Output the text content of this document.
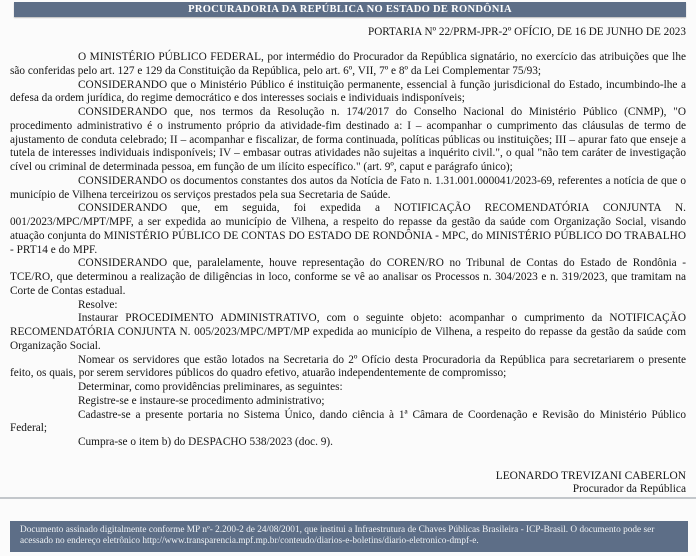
PROCURADORIA DA REPÚBLICA NO ESTADO DE RONDÔNIA
PORTARIA Nº 22/PRM-JPR-2º OFÍCIO, DE 16 DE JUNHO DE 2023

O MINISTÉRIO PÚBLICO FEDERAL, por intermédio do Procurador da República signatário, no exercício das atribuições que lhe são conferidas pelo art. 127 e 129 da Constituição da República, pelo art. 6º, VII, 7º e 8º da Lei Complementar 75/93;

CONSIDERANDO que o Ministério Público é instituição permanente, essencial à função jurisdicional do Estado, incumbindo-lhe a defesa da ordem jurídica, do regime democrático e dos interesses sociais e individuais indisponíveis;

CONSIDERANDO que, nos termos da Resolução n. 174/2017 do Conselho Nacional do Ministério Público (CNMP), "O procedimento administrativo é o instrumento próprio da atividade-fim destinado a: I – acompanhar o cumprimento das cláusulas de termo de ajustamento de conduta celebrado; II – acompanhar e fiscalizar, de forma continuada, políticas públicas ou instituições; III – apurar fato que enseje a tutela de interesses individuais indisponíveis; IV – embasar outras atividades não sujeitas a inquérito civil.", o qual "não tem caráter de investigação cível ou criminal de determinada pessoa, em função de um ilícito específico." (art. 9º, caput e parágrafo único);

CONSIDERANDO os documentos constantes dos autos da Notícia de Fato n. 1.31.001.000041/2023-69, referentes a notícia de que o município de Vilhena terceirizou os serviços prestados pela sua Secretaria de Saúde.

CONSIDERANDO que, em seguida, foi expedida a NOTIFICAÇÃO RECOMENDATÓRIA CONJUNTA N. 001/2023/MPC/MPT/MPF, a ser expedida ao município de Vilhena, a respeito do repasse da gestão da saúde com Organização Social, visando atuação conjunta do MINISTÉRIO PÚBLICO DE CONTAS DO ESTADO DE RONDÔNIA - MPC, do MINISTÉRIO PÚBLICO DO TRABALHO - PRT14 e do MPF.

CONSIDERANDO que, paralelamente, houve representação do COREN/RO no Tribunal de Contas do Estado de Rondônia - TCE/RO, que determinou a realização de diligências in loco, conforme se vê ao analisar os Processos n. 304/2023 e n. 319/2023, que tramitam na Corte de Contas estadual.

Resolve:

Instaurar PROCEDIMENTO ADMINISTRATIVO, com o seguinte objeto: acompanhar o cumprimento da NOTIFICAÇÃO RECOMENDATÓRIA CONJUNTA N. 005/2023/MPC/MPT/MP expedida ao município de Vilhena, a respeito do repasse da gestão da saúde com Organização Social.

Nomear os servidores que estão lotados na Secretaria do 2º Ofício desta Procuradoria da República para secretariarem o presente feito, os quais, por serem servidores públicos do quadro efetivo, atuarão independentemente de compromisso;

Determinar, como providências preliminares, as seguintes:

Registre-se e instaure-se procedimento administrativo;

Cadastre-se a presente portaria no Sistema Único, dando ciência à 1ª Câmara de Coordenação e Revisão do Ministério Público Federal;

Cumpra-se o item b) do DESPACHO 538/2023 (doc. 9).

LEONARDO TREVIZANI CABERLON
Procurador da República
Documento assinado digitalmente conforme MP nº- 2.200-2 de 24/08/2001, que institui a Infraestrutura de Chaves Públicas Brasileira - ICP-Brasil. O documento pode ser acessado no endereço eletrônico http://www.transparencia.mpf.mp.br/conteudo/diarios-e-boletins/diario-eletronico-dmpf-e.
